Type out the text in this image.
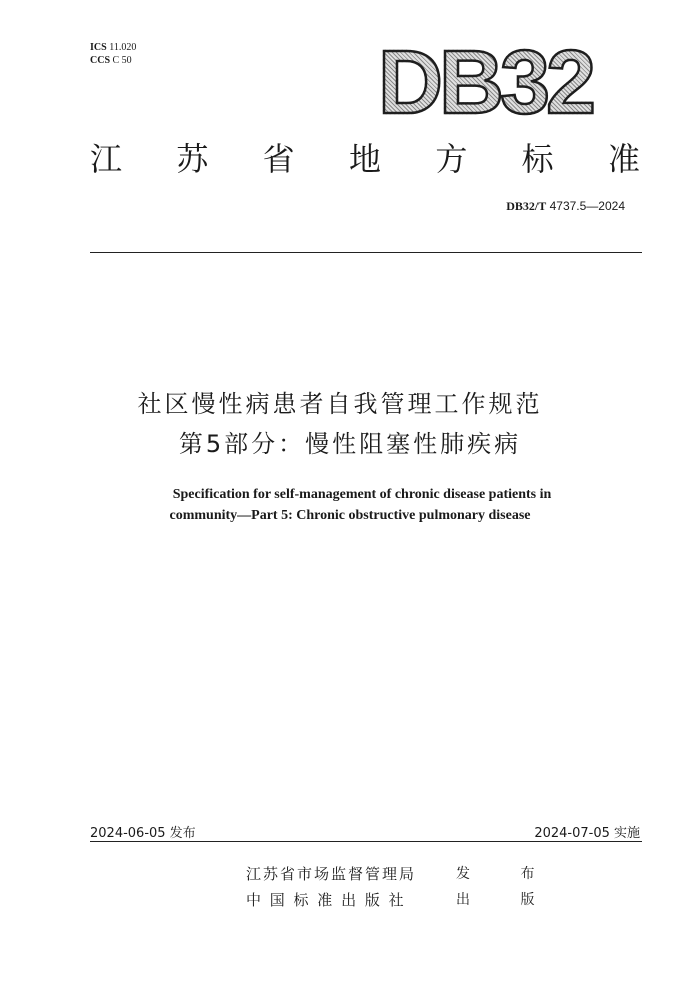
ICS 11.020
CCS C 50	DB32
江 苏 省 地 方 标 准
DB32/T 4737.5—2024
社区慢性病患者自我管理工作规范
第5部分：慢性阻塞性肺疾病
Specification for self-management of chronic disease patients in
community—Part 5: Chronic obstructive pulmonary disease
2024-06-05 发布	2024-07-05 实施
江苏省市场监督管理局	发 布
中 国 标 准 出 版 社	出 版
